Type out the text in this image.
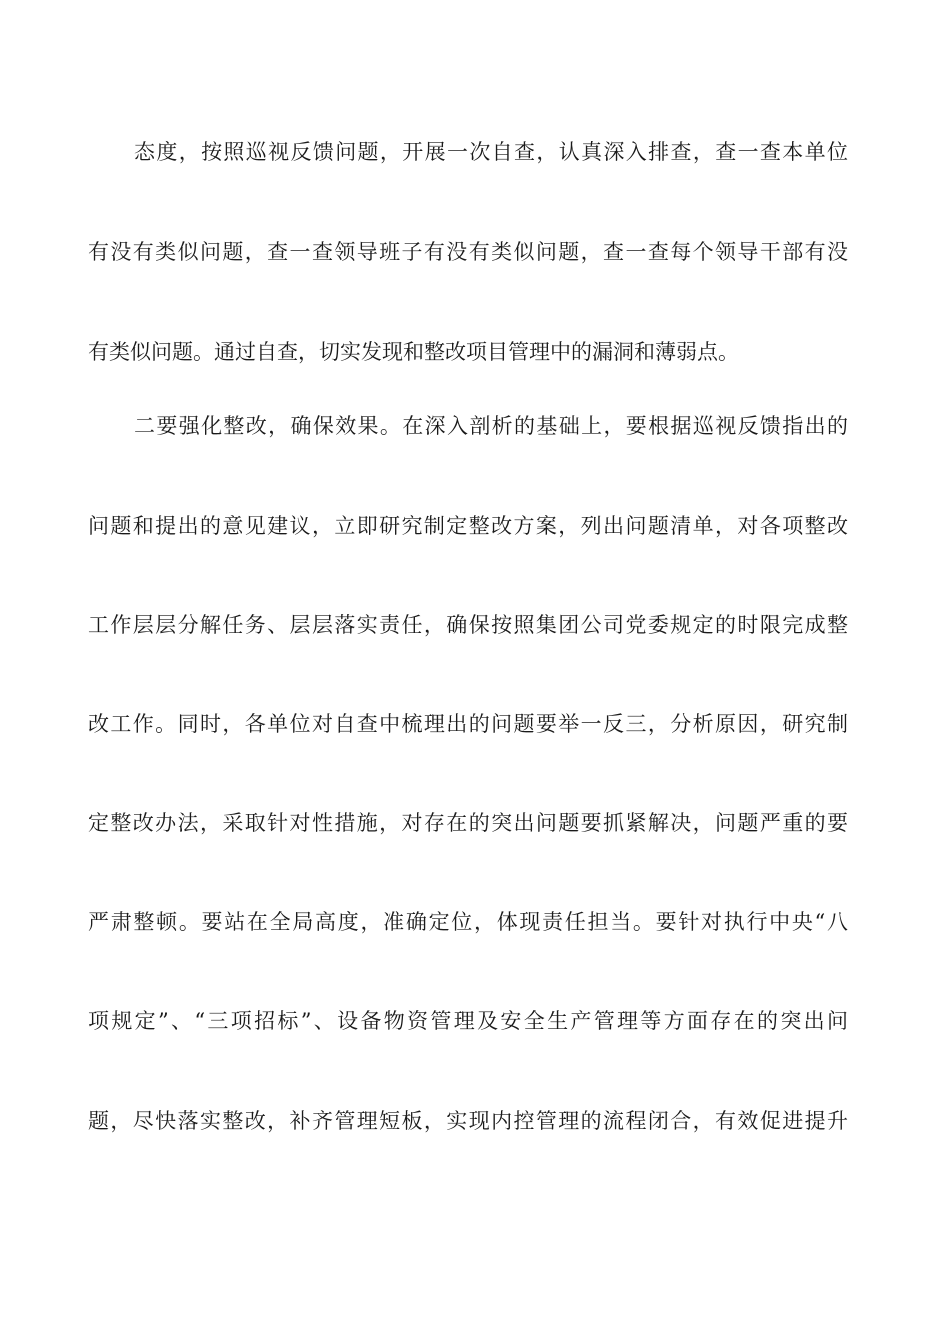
态度，按照巡视反馈问题，开展一次自查，认真深入排查，查一查本单位
有没有类似问题，查一查领导班子有没有类似问题，查一查每个领导干部有没
有类似问题。通过自查，切实发现和整改项目管理中的漏洞和薄弱点。
二要强化整改，确保效果。在深入剖析的基础上，要根据巡视反馈指出的
问题和提出的意见建议，立即研究制定整改方案，列出问题清单，对各项整改
工作层层分解任务、层层落实责任，确保按照集团公司党委规定的时限完成整
改工作。同时，各单位对自查中梳理出的问题要举一反三，分析原因，研究制
定整改办法，采取针对性措施，对存在的突出问题要抓紧解决，问题严重的要
严肃整顿。要站在全局高度，准确定位，体现责任担当。要针对执行中央“八
项规定”、“三项招标”、设备物资管理及安全生产管理等方面存在的突出问
题，尽快落实整改，补齐管理短板，实现内控管理的流程闭合，有效促进提升
